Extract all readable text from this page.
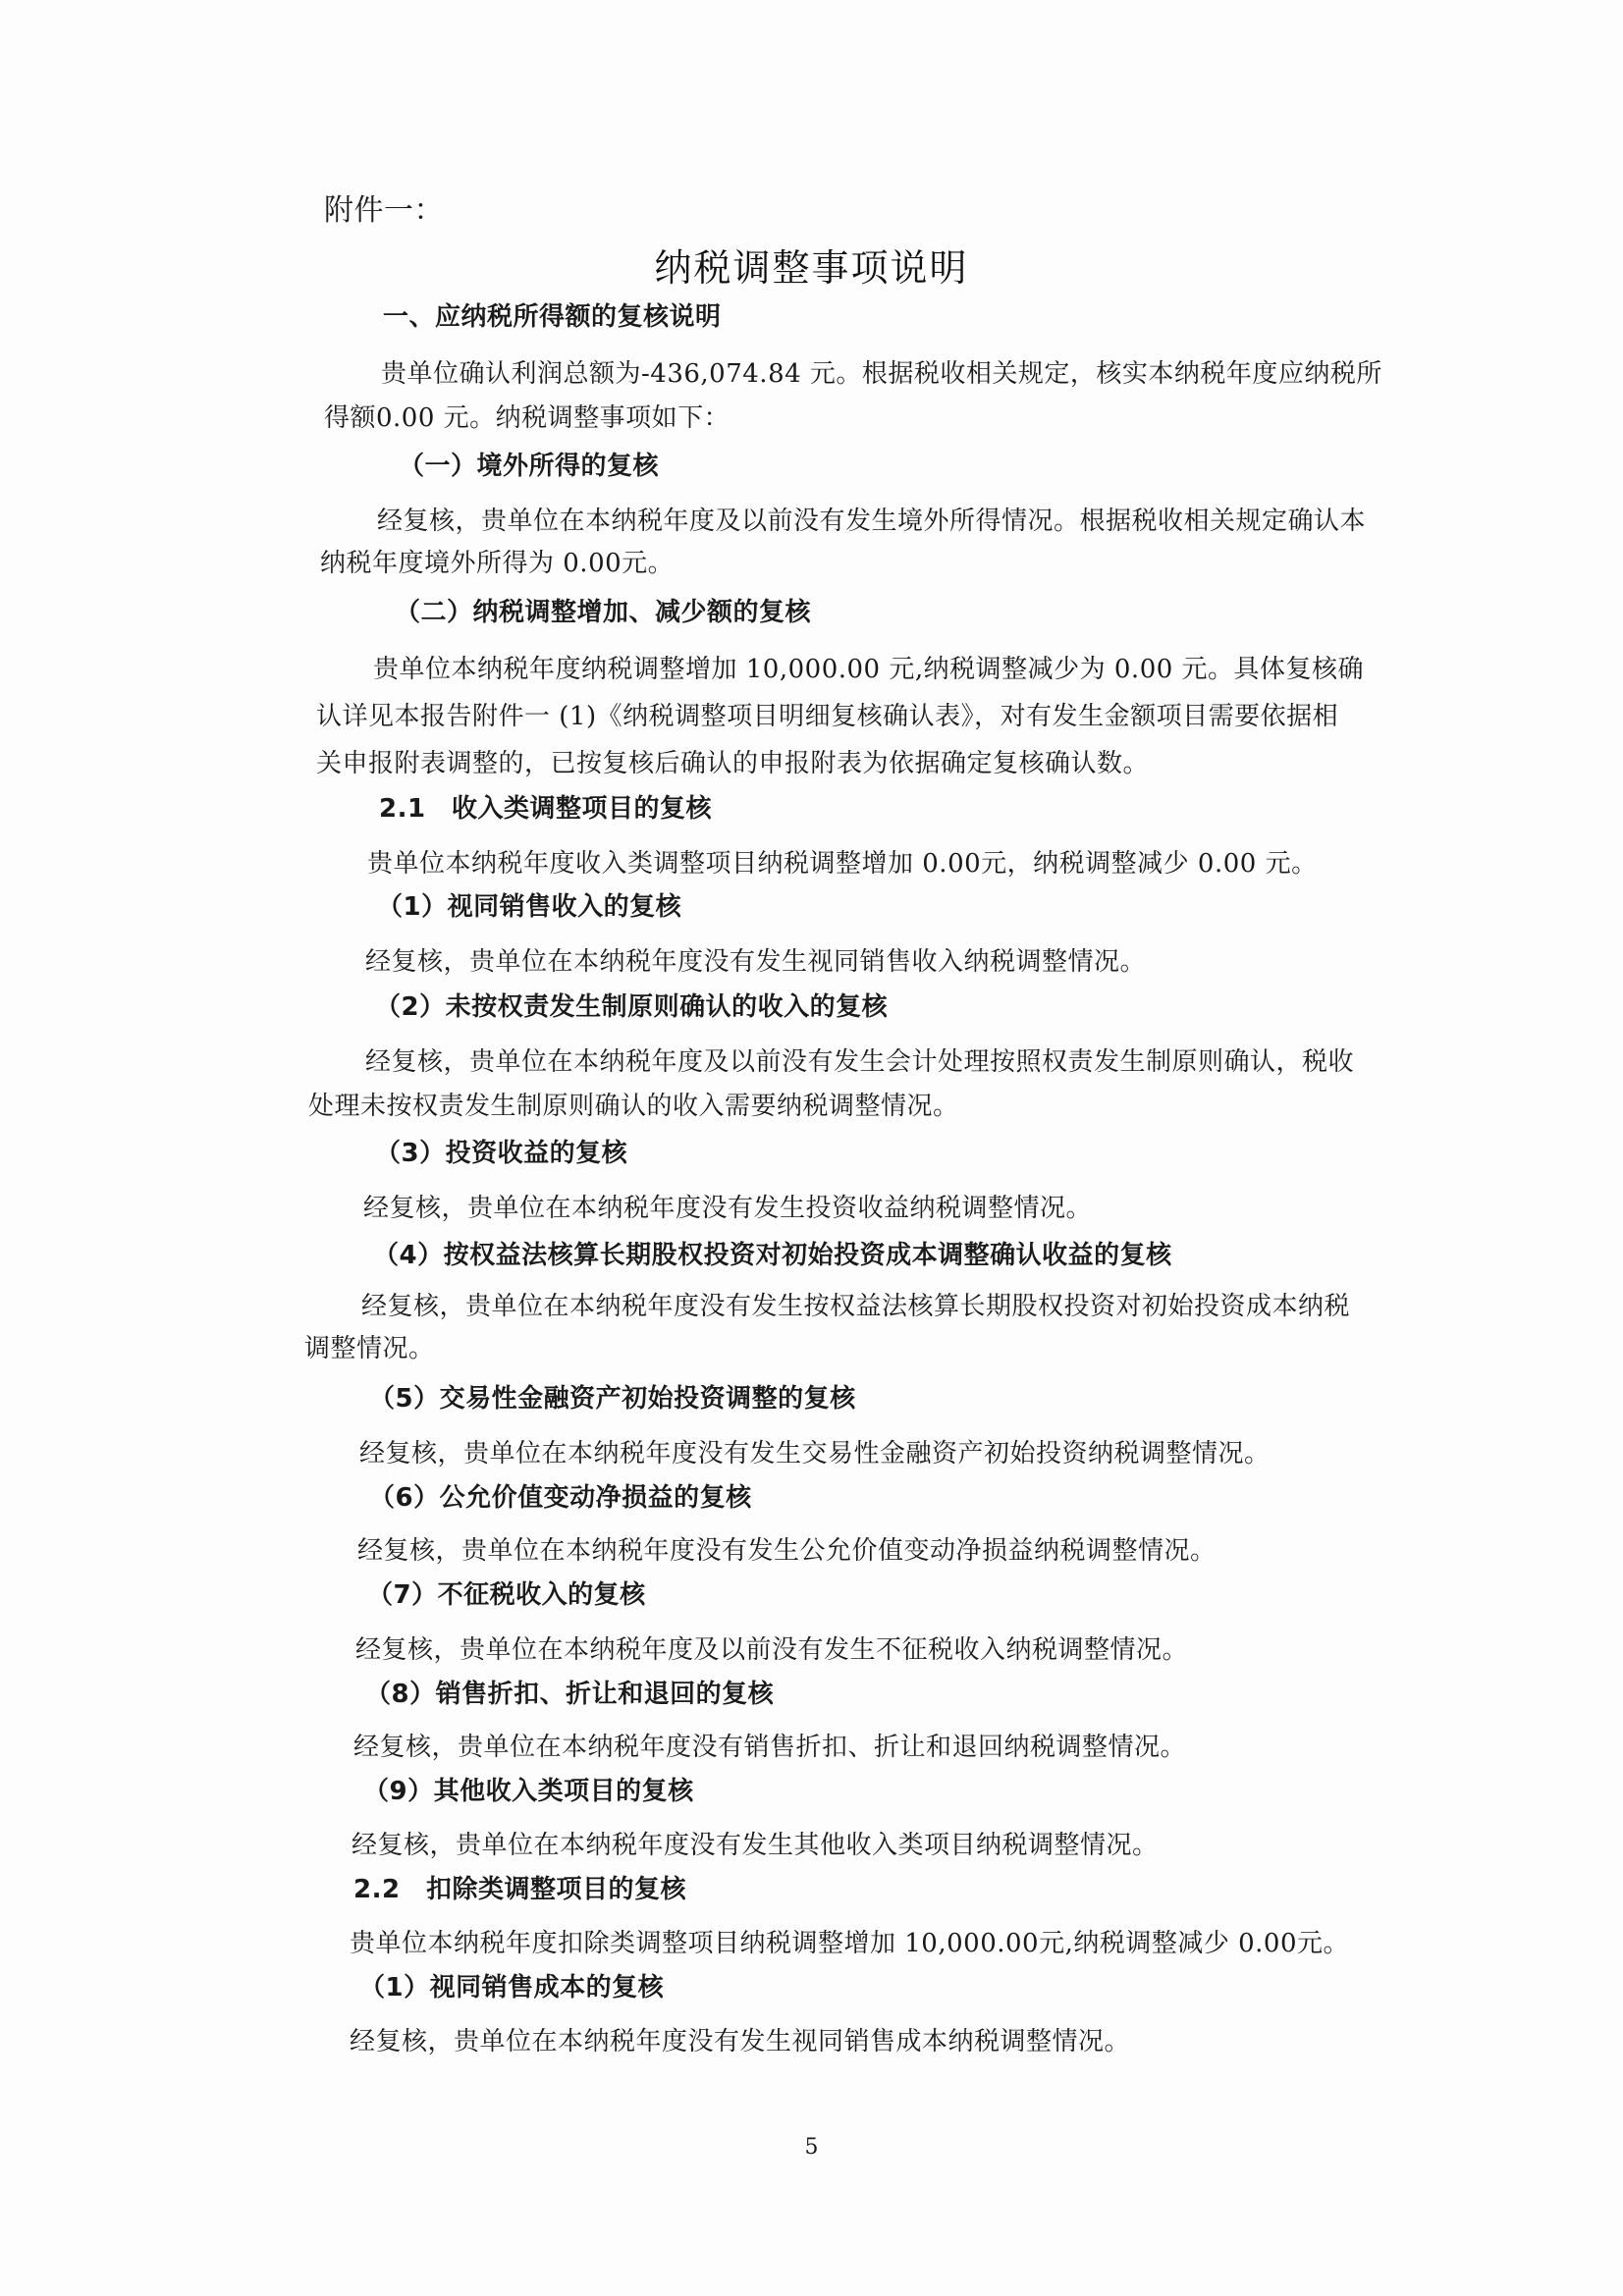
附件一：
纳税调整事项说明
一、应纳税所得额的复核说明
贵单位确认利润总额为-436,074.84 元。根据税收相关规定，核实本纳税年度应纳税所
得额0.00 元。纳税调整事项如下：
（一）境外所得的复核
经复核，贵单位在本纳税年度及以前没有发生境外所得情况。根据税收相关规定确认本
纳税年度境外所得为 0.00元。
（二）纳税调整增加、减少额的复核
贵单位本纳税年度纳税调整增加 10,000.00 元,纳税调整减少为 0.00 元。具体复核确
认详见本报告附件一 (1)《纳税调整项目明细复核确认表》，对有发生金额项目需要依据相
关申报附表调整的，已按复核后确认的申报附表为依据确定复核确认数。
2.1　收入类调整项目的复核
贵单位本纳税年度收入类调整项目纳税调整增加 0.00元，纳税调整减少 0.00 元。
（1）视同销售收入的复核
经复核，贵单位在本纳税年度没有发生视同销售收入纳税调整情况。
（2）未按权责发生制原则确认的收入的复核
经复核，贵单位在本纳税年度及以前没有发生会计处理按照权责发生制原则确认，税收
处理未按权责发生制原则确认的收入需要纳税调整情况。
（3）投资收益的复核
经复核，贵单位在本纳税年度没有发生投资收益纳税调整情况。
（4）按权益法核算长期股权投资对初始投资成本调整确认收益的复核
经复核，贵单位在本纳税年度没有发生按权益法核算长期股权投资对初始投资成本纳税
调整情况。
（5）交易性金融资产初始投资调整的复核
经复核，贵单位在本纳税年度没有发生交易性金融资产初始投资纳税调整情况。
（6）公允价值变动净损益的复核
经复核，贵单位在本纳税年度没有发生公允价值变动净损益纳税调整情况。
（7）不征税收入的复核
经复核，贵单位在本纳税年度及以前没有发生不征税收入纳税调整情况。
（8）销售折扣、折让和退回的复核
经复核，贵单位在本纳税年度没有销售折扣、折让和退回纳税调整情况。
（9）其他收入类项目的复核
经复核，贵单位在本纳税年度没有发生其他收入类项目纳税调整情况。
2.2　扣除类调整项目的复核
贵单位本纳税年度扣除类调整项目纳税调整增加 10,000.00元,纳税调整减少 0.00元。
（1）视同销售成本的复核
经复核，贵单位在本纳税年度没有发生视同销售成本纳税调整情况。
5
